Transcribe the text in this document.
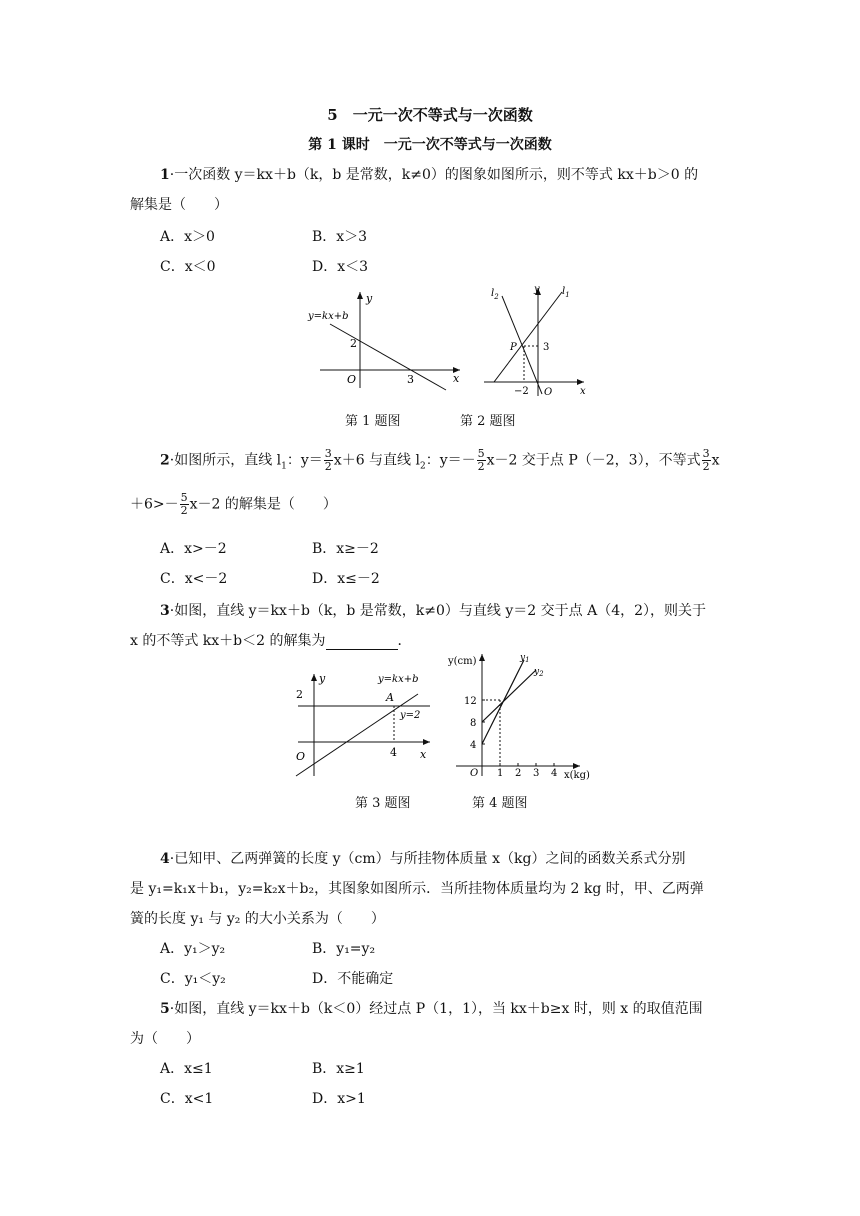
5　一元一次不等式与一次函数
第 1 课时　一元一次不等式与一次函数
1·一次函数 y＝kx＋b（k，b 是常数，k≠0）的图象如图所示，则不等式 kx＋b＞0 的
解集是（　　）
A．x＞0	B．x＞3
C．x＜0	D．x＜3
y
x
O
2
3
y=kx+b
$l_2$	$l_1$
y
x
O
P	3
−2
第 1 题图	第 2 题图
2·如图所示，直线 $l_1$：$y= \frac{3}{2} x+6$ 与直线 $l_2$：$y=- \frac{5}{2} x-2$ 交于点 P（－2，3），不等式 $\frac{3}{2}$ x
$+6>- \frac{5}{2} x-2$ 的解集是（　　）
A．x>－2	B．x≥－2
C．x<－2	D．x≤－2
3·如图，直线 y＝kx＋b（k，b 是常数，k≠0）与直线 y＝2 交于点 A（4，2），则关于
x 的不等式 kx＋b＜2 的解集为	．
y
x
O
2
4
A
y=2
y=kx+b
y(cm)
x(kg)
$y_1$
$y_2$
O
12
8
4
1 2 3 4
第 3 题图	第 4 题图
4·已知甲、乙两弹簧的长度 y（cm）与所挂物体质量 x（kg）之间的函数关系式分别
是 y₁=k₁x＋b₁，y₂=k₂x＋b₂，其图象如图所示．当所挂物体质量均为 2 kg 时，甲、乙两弹
簧的长度 y₁ 与 y₂ 的大小关系为（　　）
A．y₁＞y₂	B．y₁=y₂
C．y₁＜y₂	D．不能确定
5·如图，直线 y＝kx＋b（k＜0）经过点 P（1，1），当 kx＋b≥x 时，则 x 的取值范围
为（　　）
A．x≤1	B．x≥1
C．x<1	D．x>1
